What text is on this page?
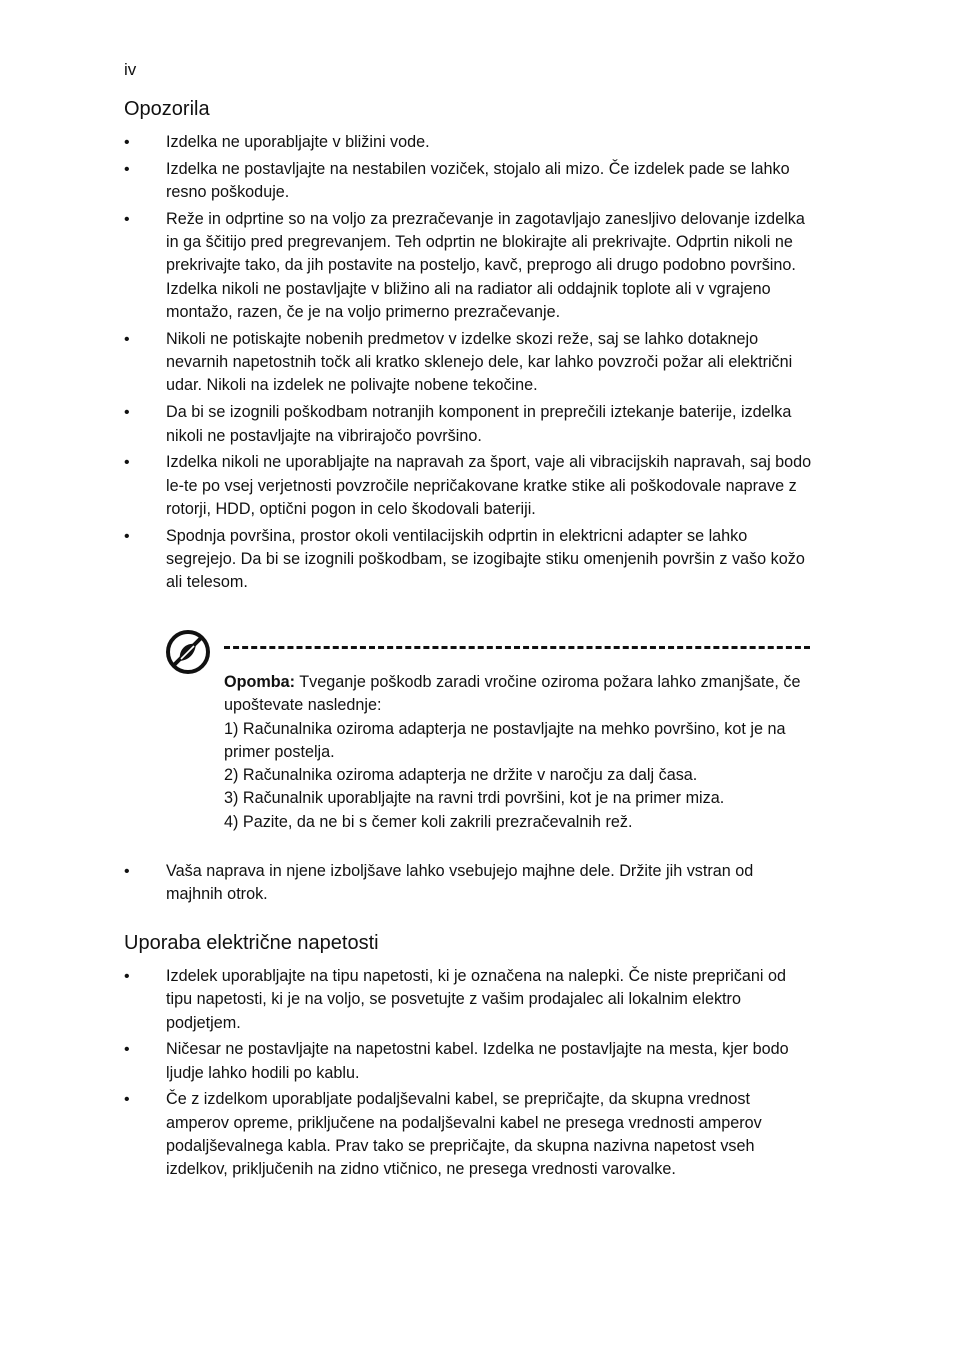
iv
Opozorila
• Izdelka ne uporabljajte v bližini vode.
• Izdelka ne postavljajte na nestabilen voziček, stojalo ali mizo. Če izdelek pade se lahko resno poškoduje.
• Reže in odprtine so na voljo za prezračevanje in zagotavljajo zanesljivo delovanje izdelka in ga ščitijo pred pregrevanjem. Teh odprtin ne blokirajte ali prekrivajte. Odprtin nikoli ne prekrivajte tako, da jih postavite na posteljo, kavč, preprogo ali drugo podobno površino. Izdelka nikoli ne postavljajte v bližino ali na radiator ali oddajnik toplote ali v vgrajeno montažo, razen, če je na voljo primerno prezračevanje.
• Nikoli ne potiskajte nobenih predmetov v izdelke skozi reže, saj se lahko dotaknejo nevarnih napetostnih točk ali kratko sklenejo dele, kar lahko povzroči požar ali električni udar. Nikoli na izdelek ne polivajte nobene tekočine.
• Da bi se izognili poškodbam notranjih komponent in preprečili iztekanje baterije, izdelka nikoli ne postavljajte na vibrirajočo površino.
• Izdelka nikoli ne uporabljajte na napravah za šport, vaje ali vibracijskih napravah, saj bodo le-te po vsej verjetnosti povzročile nepričakovane kratke stike ali poškodovale naprave z rotorji, HDD, optični pogon in celo škodovali bateriji.
• Spodnja površina, prostor okoli ventilacijskih odprtin in elektricni adapter se lahko segrejejo. Da bi se izognili poškodbam, se izogibajte stiku omenjenih površin z vašo kožo ali telesom.
Opomba: Tveganje poškodb zaradi vročine oziroma požara lahko zmanjšate, če upoštevate naslednje:
1) Računalnika oziroma adapterja ne postavljajte na mehko površino, kot je na primer postelja.
2) Računalnika oziroma adapterja ne držite v naročju za dalj časa.
3) Računalnik uporabljajte na ravni trdi površini, kot je na primer miza.
4) Pazite, da ne bi s čemer koli zakrili prezračevalnih rež.
• Vaša naprava in njene izboljšave lahko vsebujejo majhne dele. Držite jih vstran od majhnih otrok.
Uporaba električne napetosti
• Izdelek uporabljajte na tipu napetosti, ki je označena na nalepki. Če niste prepričani od tipu napetosti, ki je na voljo, se posvetujte z vašim prodajalec ali lokalnim elektro podjetjem.
• Ničesar ne postavljajte na napetostni kabel. Izdelka ne postavljajte na mesta, kjer bodo ljudje lahko hodili po kablu.
• Če z izdelkom uporabljate podaljševalni kabel, se prepričajte, da skupna vrednost amperov opreme, priključene na podaljševalni kabel ne presega vrednosti amperov podaljševalnega kabla. Prav tako se prepričajte, da skupna nazivna napetost vseh izdelkov, priključenih na zidno vtičnico, ne presega vrednosti varovalke.
